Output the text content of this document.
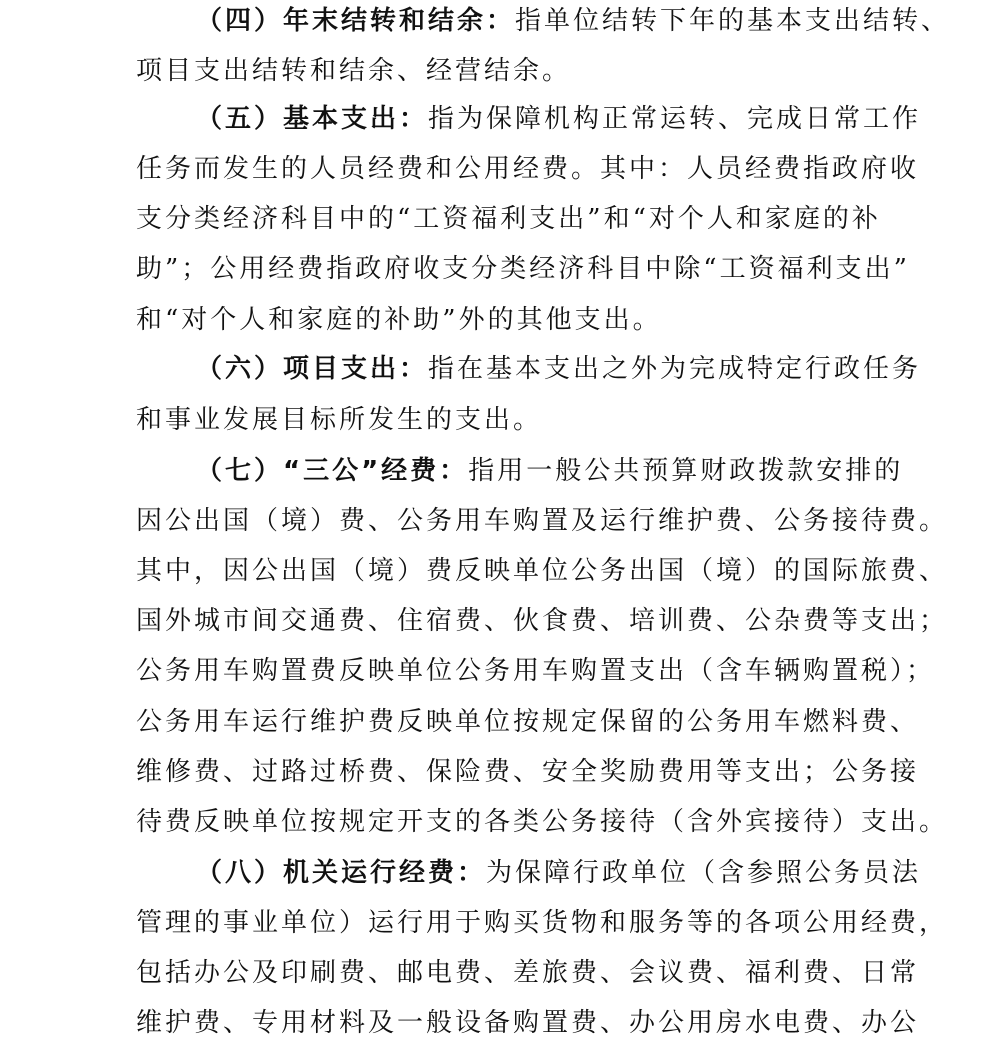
（四）年末结转和结余：指单位结转下年的基本支出结转、
项目支出结转和结余、经营结余。
（五）基本支出：指为保障机构正常运转、完成日常工作
任务而发生的人员经费和公用经费。其中：人员经费指政府收
支分类经济科目中的“工资福利支出”和“对个人和家庭的补
助”；公用经费指政府收支分类经济科目中除“工资福利支出”
和“对个人和家庭的补助”外的其他支出。
（六）项目支出：指在基本支出之外为完成特定行政任务
和事业发展目标所发生的支出。
（七）“三公”经费：指用一般公共预算财政拨款安排的
因公出国（境）费、公务用车购置及运行维护费、公务接待费。
其中，因公出国（境）费反映单位公务出国（境）的国际旅费、
国外城市间交通费、住宿费、伙食费、培训费、公杂费等支出；
公务用车购置费反映单位公务用车购置支出（含车辆购置税）；
公务用车运行维护费反映单位按规定保留的公务用车燃料费、
维修费、过路过桥费、保险费、安全奖励费用等支出；公务接
待费反映单位按规定开支的各类公务接待（含外宾接待）支出。
（八）机关运行经费：为保障行政单位（含参照公务员法
管理的事业单位）运行用于购买货物和服务等的各项公用经费，
包括办公及印刷费、邮电费、差旅费、会议费、福利费、日常
维护费、专用材料及一般设备购置费、办公用房水电费、办公
